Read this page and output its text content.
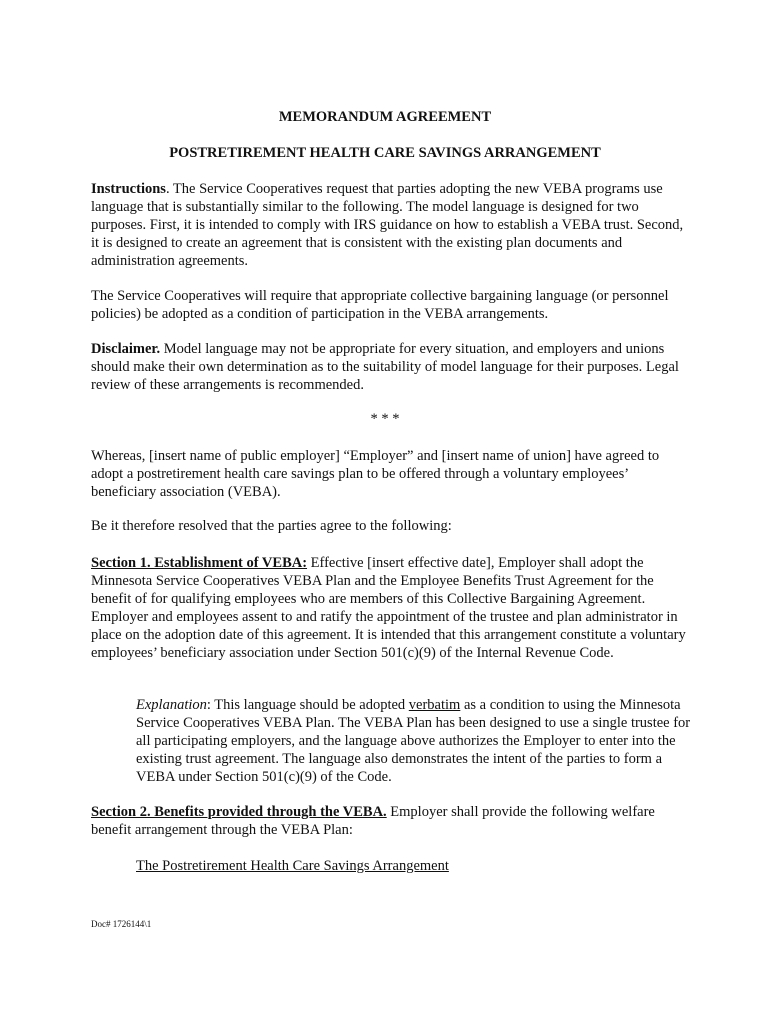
MEMORANDUM AGREEMENT

POSTRETIREMENT HEALTH CARE SAVINGS ARRANGEMENT

Instructions. The Service Cooperatives request that parties adopting the new VEBA programs use language that is substantially similar to the following. The model language is designed for two purposes. First, it is intended to comply with IRS guidance on how to establish a VEBA trust. Second, it is designed to create an agreement that is consistent with the existing plan documents and administration agreements.

The Service Cooperatives will require that appropriate collective bargaining language (or personnel policies) be adopted as a condition of participation in the VEBA arrangements.

Disclaimer. Model language may not be appropriate for every situation, and employers and unions should make their own determination as to the suitability of model language for their purposes. Legal review of these arrangements is recommended.

* * *

Whereas, [insert name of public employer] “Employer” and [insert name of union] have agreed to adopt a postretirement health care savings plan to be offered through a voluntary employees’ beneficiary association (VEBA).

Be it therefore resolved that the parties agree to the following:

Section 1. Establishment of VEBA: Effective [insert effective date], Employer shall adopt the Minnesota Service Cooperatives VEBA Plan and the Employee Benefits Trust Agreement for the benefit of for qualifying employees who are members of this Collective Bargaining Agreement. Employer and employees assent to and ratify the appointment of the trustee and plan administrator in place on the adoption date of this agreement. It is intended that this arrangement constitute a voluntary employees’ beneficiary association under Section 501(c)(9) of the Internal Revenue Code.

Explanation: This language should be adopted verbatim as a condition to using the Minnesota Service Cooperatives VEBA Plan. The VEBA Plan has been designed to use a single trustee for all participating employers, and the language above authorizes the Employer to enter into the existing trust agreement. The language also demonstrates the intent of the parties to form a VEBA under Section 501(c)(9) of the Code.

Section 2. Benefits provided through the VEBA. Employer shall provide the following welfare benefit arrangement through the VEBA Plan:

The Postretirement Health Care Savings Arrangement

Doc# 1726144\1
